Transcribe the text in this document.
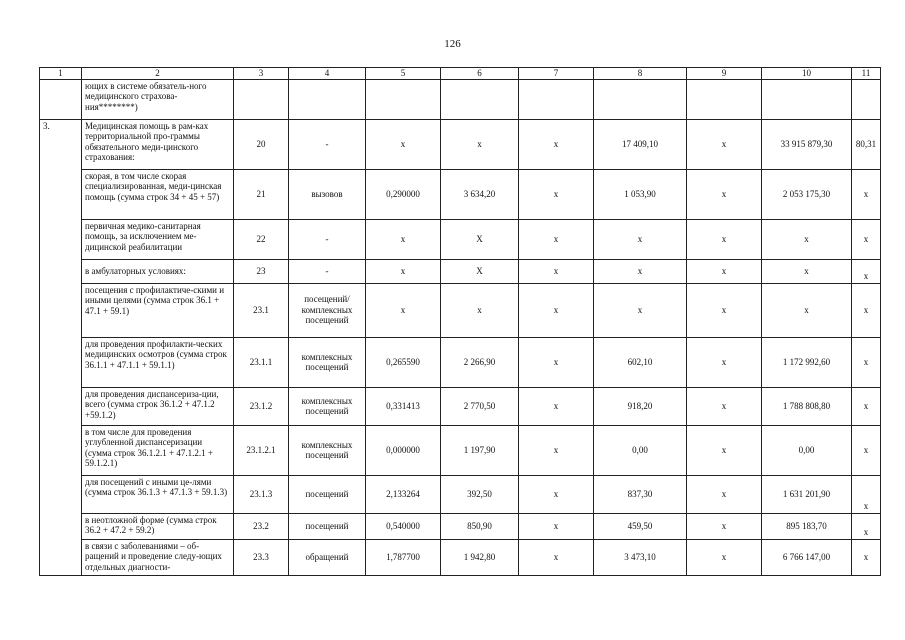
126
1	2	3	4	5	6	7	8	9	10	11
	ющих в системе обязатель-ного медицинского страхова-ния********)									
3.	Медицинская помощь в рам-ках территориальной про-граммы обязательного меди-цинского страхования:	20	-	х	х	х	17 409,10	х	33 915 879,30	80,31
	скорая, в том числе скорая специализированная, меди-цинская помощь (сумма строк 34 + 45 + 57)	21	вызовов	0,290000	3 634,20	х	1 053,90	х	2 053 175,30	х
	первичная медико-санитарная помощь, за исключением ме-дицинской реабилитации	22	-	х	Х	х	х	х	х	х
	в амбулаторных условиях:	23	-	х	Х	х	х	х	х	х
	посещения с профилактиче-скими и иными целями (сумма строк 36.1 + 47.1 + 59.1)	23.1	посещений/ комплексных посещений	х	х	х	х	х	х	х
	для проведения профилакти-ческих медицинских осмотров (сумма строк 36.1.1 + 47.1.1 + 59.1.1)	23.1.1	комплексных посещений	0,265590	2 266,90	х	602,10	х	1 172 992,60	х
	для проведения диспансериза-ции, всего (сумма строк 36.1.2 + 47.1.2 +59.1.2)	23.1.2	комплексных посещений	0,331413	2 770,50	х	918,20	х	1 788 808,80	х
	в том числе для проведения углубленной диспансеризации (сумма строк 36.1.2.1 + 47.1.2.1 + 59.1.2.1)	23.1.2.1	комплексных посещений	0,000000	1 197,90	х	0,00	х	0,00	х
	для посещений с иными це-лями (сумма строк 36.1.3 + 47.1.3 + 59.1.3)	23.1.3	посещений	2,133264	392,50	х	837,30	х	1 631 201,90	х
	в неотложной форме (сумма строк 36.2 + 47.2 + 59.2)	23.2	посещений	0,540000	850,90	х	459,50	х	895 183,70	х
	в связи с заболеваниями – об-ращений и проведение следу-ющих отдельных диагности-	23.3	обращений	1,787700	1 942,80	х	3 473,10	х	6 766 147,00	х
